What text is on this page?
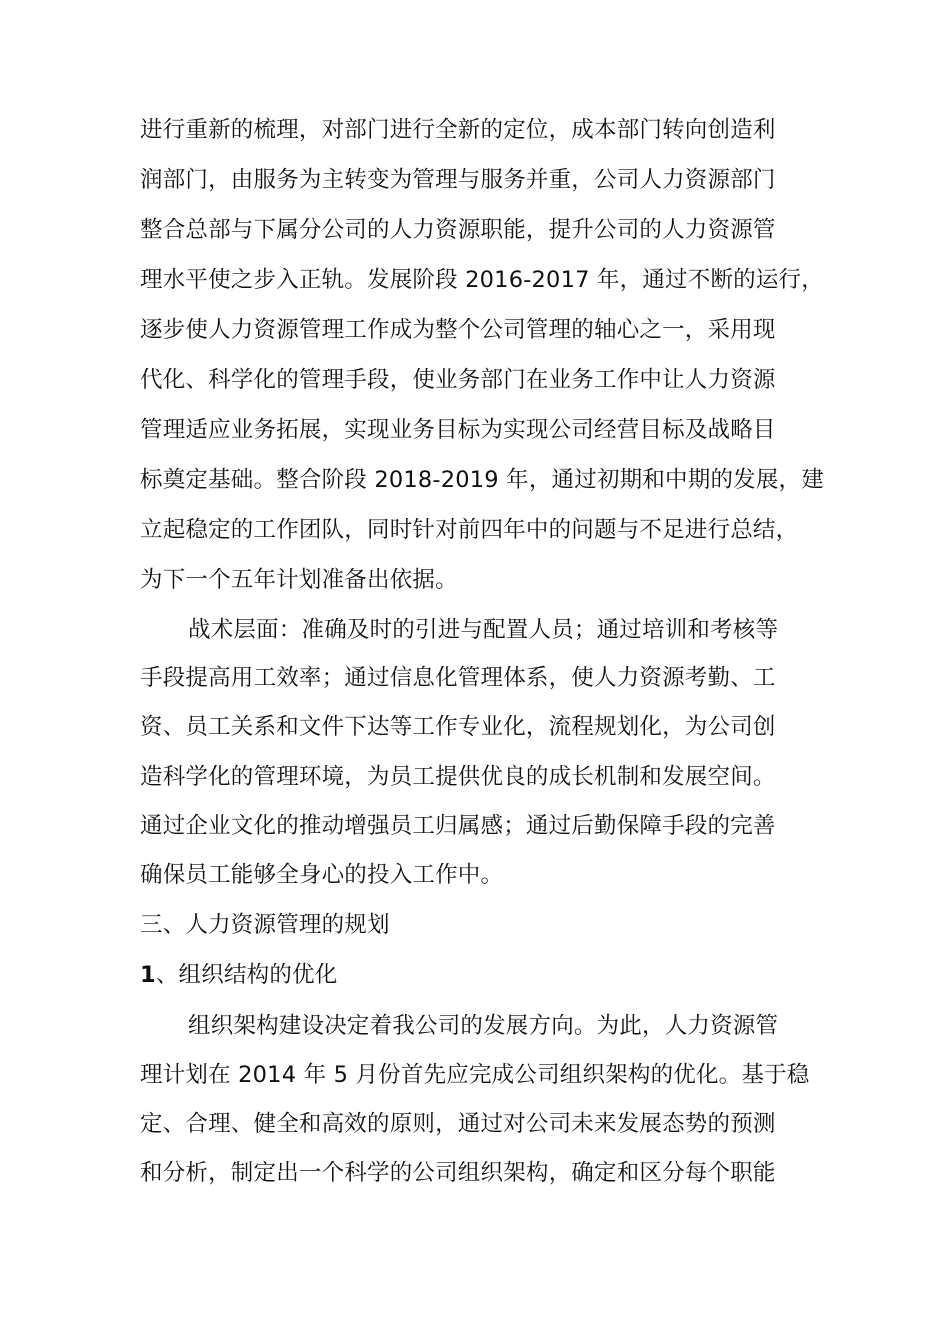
进行重新的梳理，对部门进行全新的定位，成本部门转向创造利
润部门，由服务为主转变为管理与服务并重，公司人力资源部门
整合总部与下属分公司的人力资源职能，提升公司的人力资源管
理水平使之步入正轨。发展阶段 2016-2017 年，通过不断的运行，
逐步使人力资源管理工作成为整个公司管理的轴心之一，采用现
代化、科学化的管理手段，使业务部门在业务工作中让人力资源
管理适应业务拓展，实现业务目标为实现公司经营目标及战略目
标奠定基础。整合阶段 2018-2019 年，通过初期和中期的发展，建
立起稳定的工作团队，同时针对前四年中的问题与不足进行总结，
为下一个五年计划准备出依据。
战术层面：准确及时的引进与配置人员；通过培训和考核等
手段提高用工效率；通过信息化管理体系，使人力资源考勤、工
资、员工关系和文件下达等工作专业化，流程规划化，为公司创
造科学化的管理环境，为员工提供优良的成长机制和发展空间。
通过企业文化的推动增强员工归属感；通过后勤保障手段的完善
确保员工能够全身心的投入工作中。
三、人力资源管理的规划
1、组织结构的优化
组织架构建设决定着我公司的发展方向。为此，人力资源管
理计划在 2014 年 5 月份首先应完成公司组织架构的优化。基于稳
定、合理、健全和高效的原则，通过对公司未来发展态势的预测
和分析，制定出一个科学的公司组织架构，确定和区分每个职能
